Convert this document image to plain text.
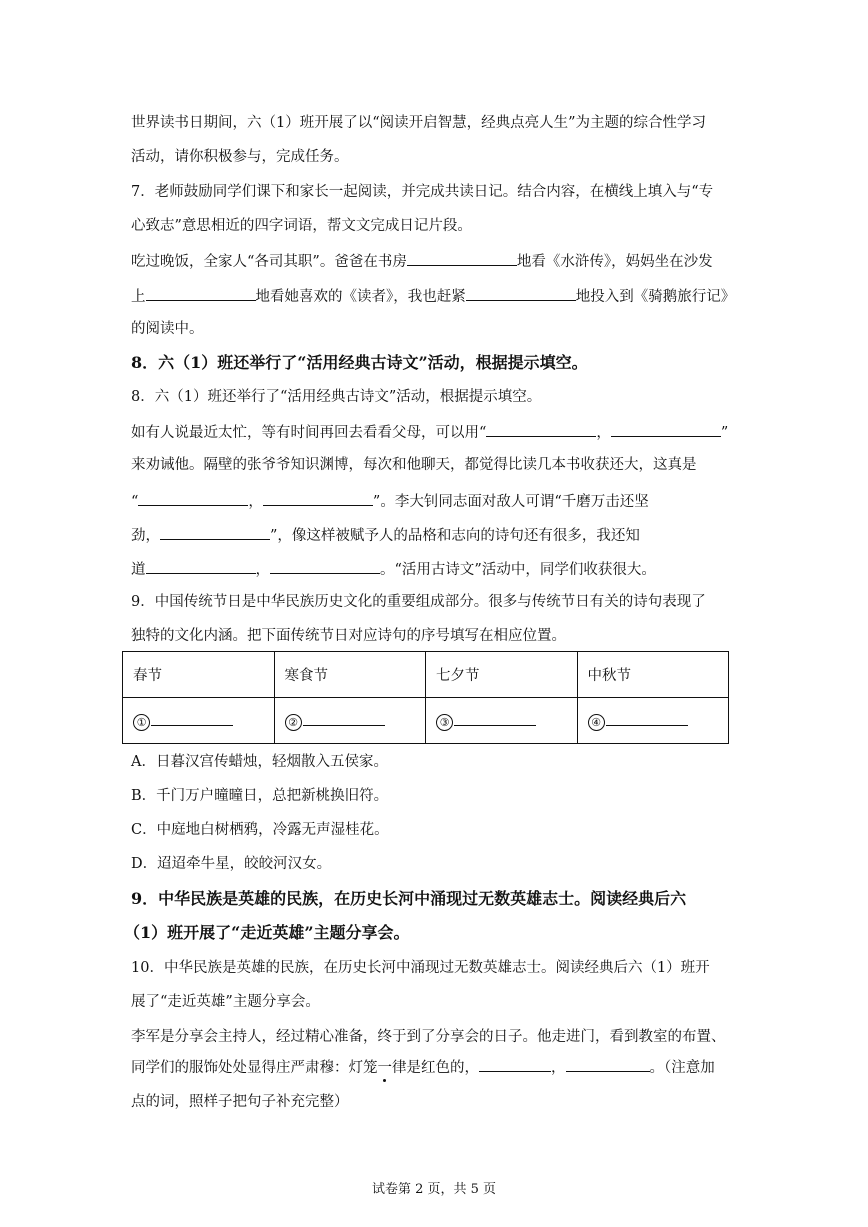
世界读书日期间，六（1）班开展了以“阅读开启智慧，经典点亮人生”为主题的综合性学习

活动，请你积极参与，完成任务。

7．老师鼓励同学们课下和家长一起阅读，并完成共读日记。结合内容，在横线上填入与“专

心致志”意思相近的四字词语，帮文文完成日记片段。

吃过晚饭，全家人“各司其职”。爸爸在书房	地看《水浒传》，妈妈坐在沙发

上	地看她喜欢的《读者》，我也赶紧	地投入到《骑鹅旅行记》

的阅读中。

8．六（1）班还举行了“活用经典古诗文”活动，根据提示填空。

8．六（1）班还举行了“活用经典古诗文”活动，根据提示填空。

如有人说最近太忙，等有时间再回去看看父母，可以用“	，	”

来劝诫他。隔壁的张爷爷知识渊博，每次和他聊天，都觉得比读几本书收获还大，这真是

“	，	”。李大钊同志面对敌人可谓“千磨万击还坚

劲，	”，像这样被赋予人的品格和志向的诗句还有很多，我还知

道	，	。“活用古诗文”活动中，同学们收获很大。

9．中国传统节日是中华民族历史文化的重要组成部分。很多与传统节日有关的诗句表现了

独特的文化内涵。把下面传统节日对应诗句的序号填写在相应位置。

春节	寒食节	七夕节	中秋节
①	②	③	④

A．日暮汉宫传蜡烛，轻烟散入五侯家。

B．千门万户曈曈日，总把新桃换旧符。

C．中庭地白树栖鸦，冷露无声湿桂花。

D．迢迢牵牛星，皎皎河汉女。

9．中华民族是英雄的民族，在历史长河中涌现过无数英雄志士。阅读经典后六

（1）班开展了“走近英雄”主题分享会。

10．中华民族是英雄的民族，在历史长河中涌现过无数英雄志士。阅读经典后六（1）班开

展了“走近英雄”主题分享会。

李军是分享会主持人，经过精心准备，终于到了分享会的日子。他走进门，看到教室的布置、

同学们的服饰处处显得庄严肃穆：灯笼一律是红色的，	，	。（注意加

点的词，照样子把句子补充完整）

试卷第 2 页，共 5 页
